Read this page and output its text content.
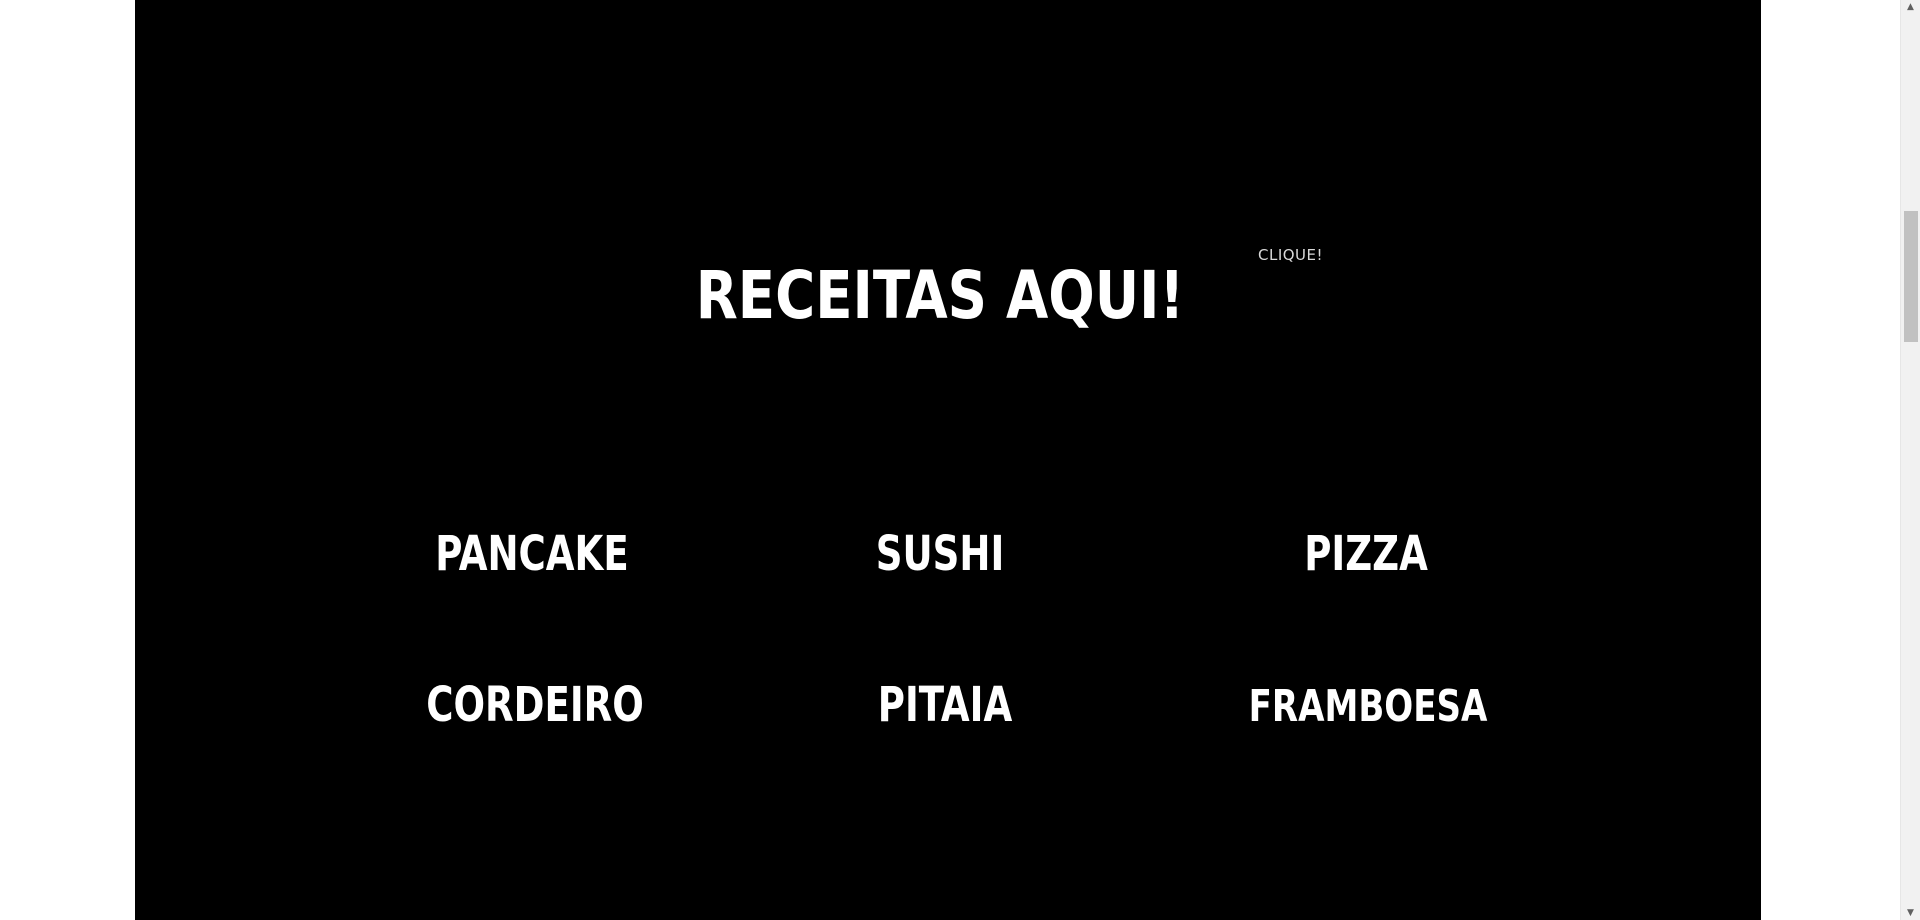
CLIQUE!
RECEITAS AQUI!
PANCAKE	SUSHI	PIZZA
CORDEIRO	PITAIA	FRAMBOESA
▲
▼
